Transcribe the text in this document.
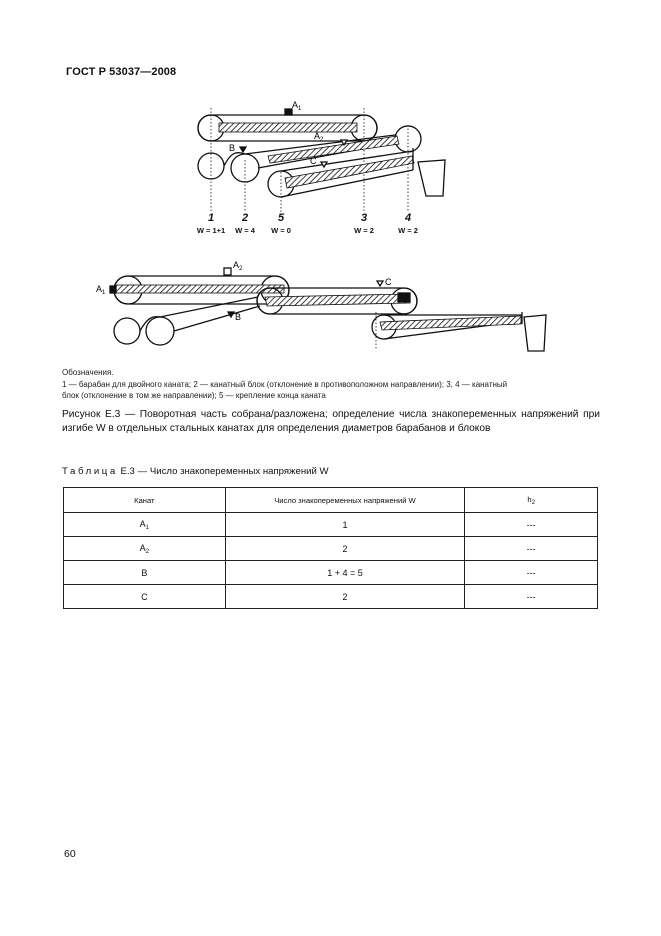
ГОСТ Р 53037—2008
$A_1$
$A_2$
B
C
1	2	5	3	4
W = 1+1 W = 4 W = 0	W = 2	W = 2
$A_1$
$A_2$
B
C

Обозначения.

1 — барабан для двойного каната; 2 — канатный блок (отклонение в противоположном направлении); 3, 4 — канатный

блок (отклонение в том же направлении); 5 — крепление конца каната

Рисунок Е.3 — Поворотная часть собрана/разложена; определение числа знакопеременных напряжений при изгибе W в отдельных стальных канатах для определения диаметров барабанов и блоков
Таблица Е.3 — Число знакопеременных напряжений W
Канат	Число знакопеременных напряжений W	$h_2$
$A_1$	1	---
$A_2$	2	---
B	1 + 4 = 5	---
C	2	---
60
